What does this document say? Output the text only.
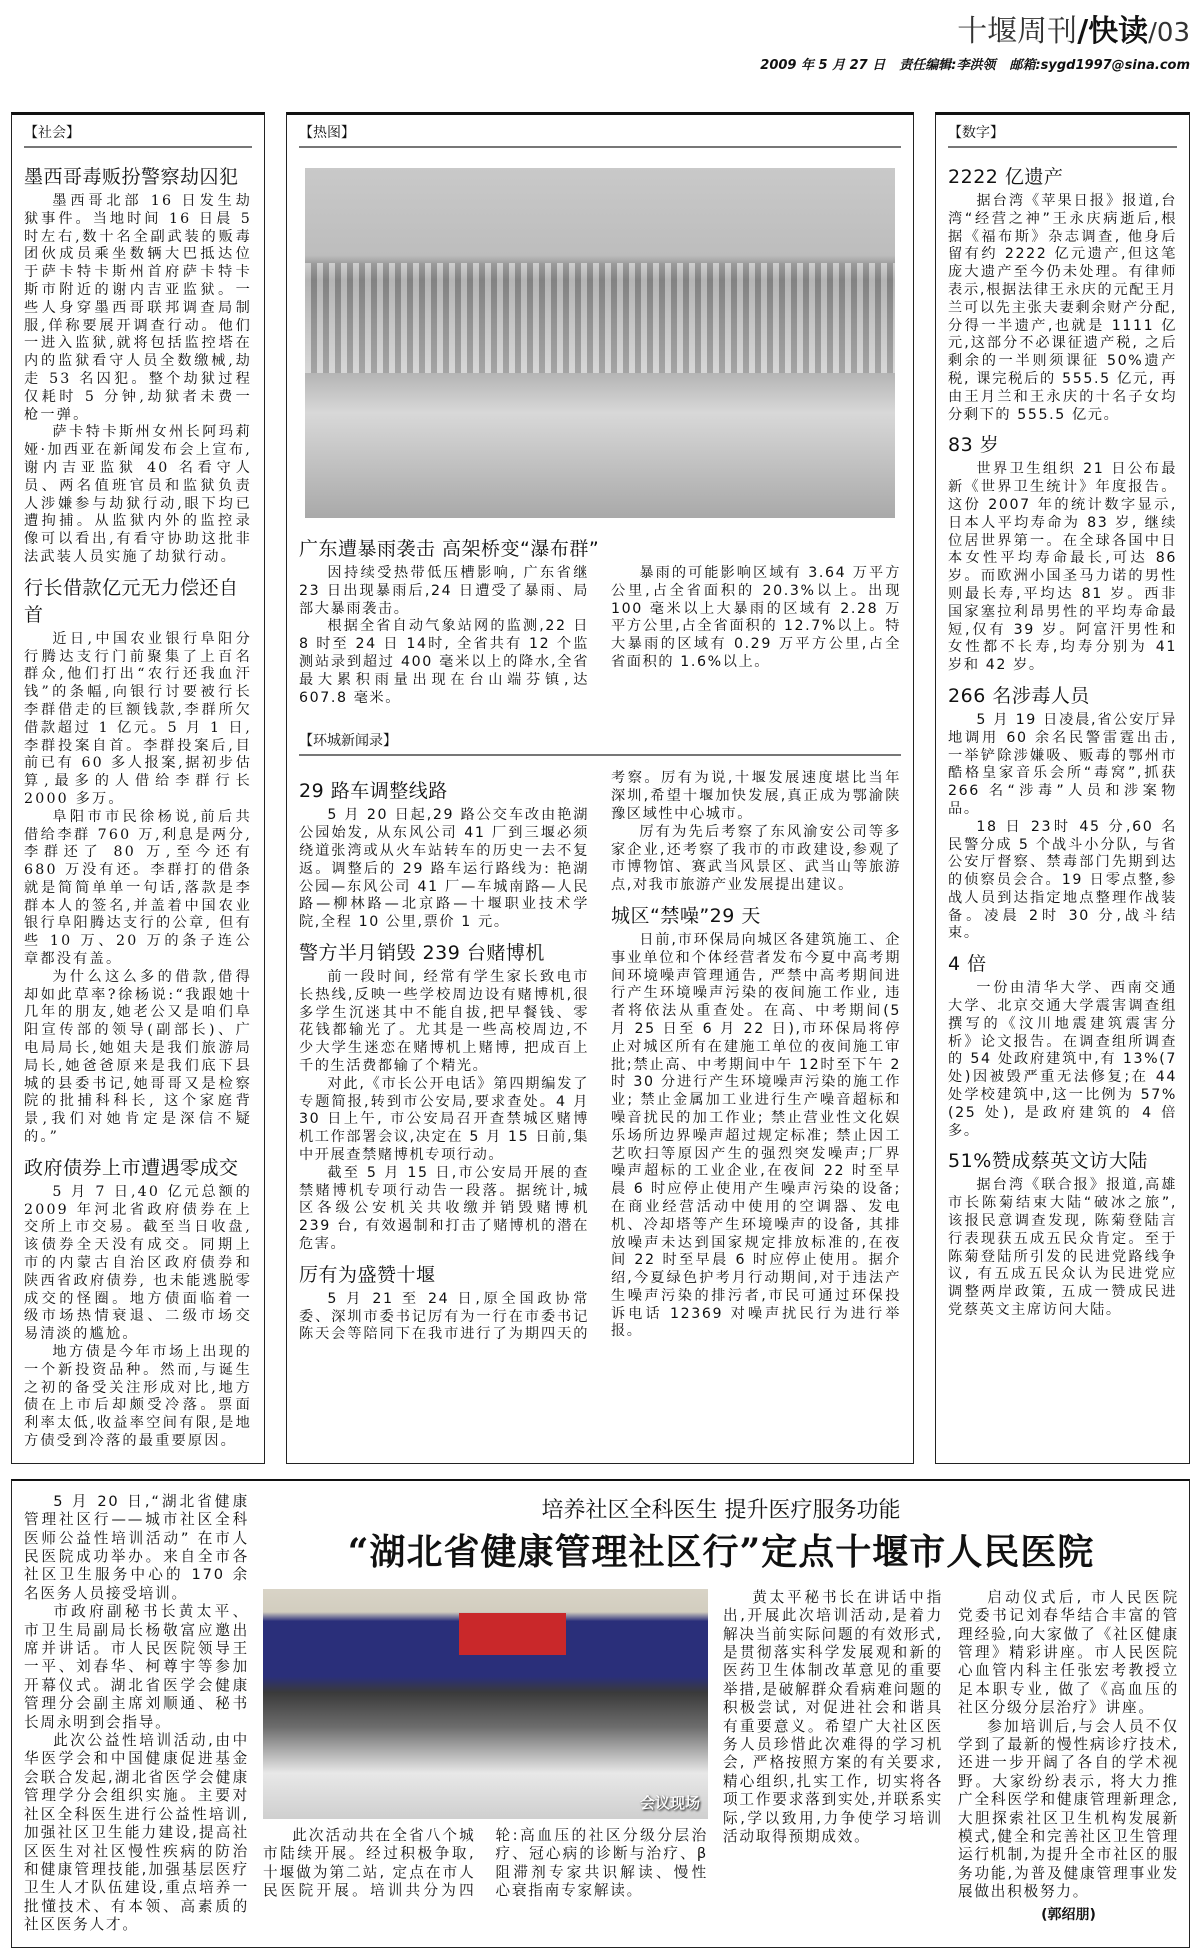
十堰周刊/快读/03
2009 年 5 月 27 日 责任编辑:李洪领 邮箱:sygd1997@sina.com
【社会】
墨西哥毒贩扮警察劫囚犯

墨西哥北部 16 日发生劫狱事件。当地时间 16 日晨 5时左右,数十名全副武装的贩毒团伙成员乘坐数辆大巴抵达位于萨卡特卡斯州首府萨卡特卡斯市附近的谢内吉亚监狱。一些人身穿墨西哥联邦调查局制服,佯称要展开调查行动。他们一进入监狱,就将包括监控塔在内的监狱看守人员全数缴械,劫走 53 名囚犯。整个劫狱过程仅耗时 5 分钟,劫狱者未费一枪一弹。

萨卡特卡斯州女州长阿玛莉娅·加西亚在新闻发布会上宣布,谢内吉亚监狱 40 名看守人员、两名值班官员和监狱负责人涉嫌参与劫狱行动,眼下均已遭拘捕。从监狱内外的监控录像可以看出,有看守协助这批非法武装人员实施了劫狱行动。

行长借款亿元无力偿还自首

近日,中国农业银行阜阳分行腾达支行门前聚集了上百名群众,他们打出“农行还我血汗钱”的条幅,向银行讨要被行长李群借走的巨额钱款,李群所欠借款超过 1 亿元。5 月 1 日,李群投案自首。李群投案后,目前已有 60 多人报案,据初步估算,最多的人借给李群行长 2000 多万。

阜阳市市民徐杨说,前后共借给李群 760 万,利息是两分,李群还了 80 万,至今还有 680 万没有还。李群打的借条就是简简单单一句话,落款是李群本人的签名,并盖着中国农业银行阜阳腾达支行的公章, 但有些 10 万、20 万的条子连公章都没有盖。

为什么这么多的借款,借得却如此草率?徐杨说:“我跟她十几年的朋友,她老公又是咱们阜阳宣传部的领导(副部长)、广电局局长,她姐夫是我们旅游局局长,她爸爸原来是我们底下县城的县委书记,她哥哥又是检察院的批捕科科长, 这个家庭背景,我们对她肯定是深信不疑的。”

政府债券上市遭遇零成交

5 月 7 日,40 亿元总额的 2009 年河北省政府债券在上交所上市交易。截至当日收盘,该债券全天没有成交。同期上市的内蒙古自治区政府债券和陕西省政府债券, 也未能逃脱零成交的怪圈。地方债面临着一级市场热情衰退、二级市场交易清淡的尴尬。

地方债是今年市场上出现的一个新投资品种。然而,与诞生之初的备受关注形成对比,地方债在上市后却颇受冷落。票面利率太低,收益率空间有限,是地方债受到冷落的最重要原因。

【热图】
广东遭暴雨袭击 高架桥变“瀑布群”

因持续受热带低压槽影响, 广东省继 23 日出现暴雨后,24 日遭受了暴雨、局部大暴雨袭击。

根据全省自动气象站网的监测,22 日 8 时至 24 日 14时, 全省共有 12 个监测站录到超过 400 毫米以上的降水,全省最大累积雨量出现在台山端芬镇,达 607.8 毫米。

暴雨的可能影响区域有 3.64 万平方公里,占全省面积的 20.3%以上。出现 100 毫米以上大暴雨的区域有 2.28 万平方公里,占全省面积的 12.7%以上。特大暴雨的区域有 0.29 万平方公里,占全省面积的 1.6%以上。

【环城新闻录】
29 路车调整线路

5 月 20 日起,29 路公交车改由艳湖公园始发, 从东风公司 41 厂到三堰必须绕道张湾或从火车站转车的历史一去不复返。调整后的 29 路车运行路线为: 艳湖公园—东风公司 41 厂—车城南路—人民路—柳林路—北京路—十堰职业技术学院,全程 10 公里,票价 1 元。

警方半月销毁 239 台赌博机

前一段时间, 经常有学生家长致电市长热线,反映一些学校周边设有赌博机,很多学生沉迷其中不能自拔,把早餐钱、零花钱都输光了。尤其是一些高校周边,不少大学生迷恋在赌博机上赌博, 把成百上千的生活费都输了个精光。

对此,《市长公开电话》第四期编发了专题简报,转到市公安局,要求查处。4 月 30 日上午, 市公安局召开查禁城区赌博机工作部署会议,决定在 5 月 15 日前,集中开展查禁赌博机专项行动。

截至 5 月 15 日,市公安局开展的查禁赌博机专项行动告一段落。据统计,城区各级公安机关共收缴并销毁赌博机 239 台, 有效遏制和打击了赌博机的潜在危害。

厉有为盛赞十堰

5 月 21 至 24 日,原全国政协常委、深圳市委书记厉有为一行在市委书记陈天会等陪同下在我市进行了为期四天的考察。厉有为说,十堰发展速度堪比当年深圳,希望十堰加快发展,真正成为鄂渝陕豫区域性中心城市。

厉有为先后考察了东风渝安公司等多家企业,还考察了我市的市政建设,参观了市博物馆、赛武当风景区、武当山等旅游点,对我市旅游产业发展提出建议。

城区“禁噪”29 天

日前,市环保局向城区各建筑施工、企事业单位和个体经营者发布今夏中高考期间环境噪声管理通告, 严禁中高考期间进行产生环境噪声污染的夜间施工作业, 违者将依法从重查处。在高、中考期间(5 月 25 日至 6 月 22 日),市环保局将停止对城区所有在建施工单位的夜间施工审批;禁止高、中考期间中午 12时至下午 2时 30 分进行产生环境噪声污染的施工作业; 禁止金属加工业进行生产噪音超标和噪音扰民的加工作业; 禁止营业性文化娱乐场所边界噪声超过规定标准; 禁止因工艺吹扫等原因产生的强烈突发噪声;厂界噪声超标的工业企业,在夜间 22 时至早晨 6 时应停止使用产生噪声污染的设备;在商业经营活动中使用的空调器、发电机、冷却塔等产生环境噪声的设备, 其排放噪声未达到国家规定排放标准的,在夜间 22 时至早晨 6 时应停止使用。据介绍,今夏绿色护考月行动期间,对于违法产生噪声污染的排污者,市民可通过环保投诉电话 12369 对噪声扰民行为进行举报。

【数字】
2222 亿遗产

据台湾《苹果日报》报道,台湾“经营之神”王永庆病逝后,根据《福布斯》杂志调查, 他身后留有约 2222 亿元遗产,但这笔庞大遗产至今仍未处理。有律师表示,根据法律王永庆的元配王月兰可以先主张夫妻剩余财产分配,分得一半遗产,也就是 1111 亿元,这部分不必课征遗产税, 之后剩余的一半则须课征 50%遗产税, 课完税后的 555.5 亿元, 再由王月兰和王永庆的十名子女均分剩下的 555.5 亿元。

83 岁

世界卫生组织 21 日公布最新《世界卫生统计》年度报告。这份 2007 年的统计数字显示,日本人平均寿命为 83 岁, 继续位居世界第一。在全球各国中日本女性平均寿命最长,可达 86 岁。而欧洲小国圣马力诺的男性则最长寿,平均达 81 岁。西非国家塞拉利昂男性的平均寿命最短,仅有 39 岁。阿富汗男性和女性都不长寿,均寿分别为 41 岁和 42 岁。

266 名涉毒人员

5 月 19 日凌晨,省公安厅异地调用 60 余名民警雷霆出击,一举铲除涉嫌吸、贩毒的鄂州市酷格皇家音乐会所“毒窝”,抓获 266 名“涉毒”人员和涉案物品。

18 日 23时 45 分,60 名民警分成 5 个战斗小分队, 与省公安厅督察、禁毒部门先期到达的侦察员会合。19 日零点整,参战人员到达指定地点整理作战装备。凌晨 2时 30 分,战斗结束。

4 倍

一份由清华大学、西南交通大学、北京交通大学震害调查组撰写的《汶川地震建筑震害分析》论文报告。在调查组所调查的 54 处政府建筑中,有 13%(7 处)因被毁严重无法修复;在 44 处学校建筑中,这一比例为 57%(25 处), 是政府建筑的 4 倍多。

51%赞成蔡英文访大陆

据台湾《联合报》报道,高雄市长陈菊结束大陆“破冰之旅”,该报民意调查发现, 陈菊登陆言行表现获五成五民众肯定。至于陈菊登陆所引发的民进党路线争议, 有五成五民众认为民进党应调整两岸政策, 五成一赞成民进党蔡英文主席访问大陆。

5 月 20 日,“湖北省健康管理社区行——城市社区全科医师公益性培训活动” 在市人民医院成功举办。来自全市各社区卫生服务中心的 170 余名医务人员接受培训。

市政府副秘书长黄太平、市卫生局副局长杨敬富应邀出席并讲话。市人民医院领导王一平、刘春华、柯尊宇等参加开幕仪式。湖北省医学会健康管理分会副主席刘顺通、秘书长周永明到会指导。

此次公益性培训活动,由中华医学会和中国健康促进基金会联合发起,湖北省医学会健康管理学分会组织实施。主要对社区全科医生进行公益性培训,加强社区卫生能力建设,提高社区医生对社区慢性疾病的防治和健康管理技能,加强基层医疗卫生人才队伍建设,重点培养一批懂技术、有本领、高素质的社区医务人才。

培养社区全科医生 提升医疗服务功能
“湖北省健康管理社区行”定点十堰市人民医院
会议现场

此次活动共在全省八个城市陆续开展。经过积极争取,十堰做为第二站, 定点在市人民医院开展。培训共分为四轮:高血压的社区分级分层治疗、冠心病的诊断与治疗、β 阻滞剂专家共识解读、慢性心衰指南专家解读。

黄太平秘书长在讲话中指出,开展此次培训活动,是着力解决当前实际问题的有效形式,是贯彻落实科学发展观和新的医药卫生体制改革意见的重要举措,是破解群众看病难问题的积极尝试, 对促进社会和谐具有重要意义。希望广大社区医务人员珍惜此次难得的学习机会, 严格按照方案的有关要求,精心组织,扎实工作, 切实将各项工作要求落到实处,并联系实际,学以致用,力争使学习培训活动取得预期成效。

启动仪式后, 市人民医院党委书记刘春华结合丰富的管理经验,向大家做了《社区健康管理》精彩讲座。市人民医院心血管内科主任张宏考教授立足本职专业, 做了《高血压的社区分级分层治疗》讲座。

参加培训后,与会人员不仅学到了最新的慢性病诊疗技术,还进一步开阔了各自的学术视野。大家纷纷表示, 将大力推广全科医学和健康管理新理念,大胆探索社区卫生机构发展新模式,健全和完善社区卫生管理运行机制,为提升全市社区的服务功能,为普及健康管理事业发展做出积极努力。

(郭绍朋)
